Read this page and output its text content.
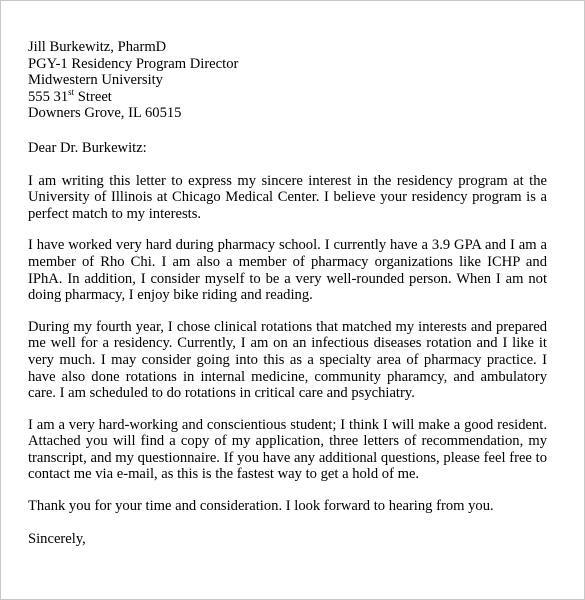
Jill Burkewitz, PharmD
PGY-1 Residency Program Director
Midwestern University
555 31st Street
Downers Grove, IL 60515
Dear Dr. Burkewitz:
I am writing this letter to express my sincere interest in the residency program at the University of Illinois at Chicago Medical Center. I believe your residency program is a perfect match to my interests.
I have worked very hard during pharmacy school. I currently have a 3.9 GPA and I am a member of Rho Chi. I am also a member of pharmacy organizations like ICHP and IPhA. In addition, I consider myself to be a very well-rounded person. When I am not doing pharmacy, I enjoy bike riding and reading.
During my fourth year, I chose clinical rotations that matched my interests and prepared me well for a residency. Currently, I am on an infectious diseases rotation and I like it very much. I may consider going into this as a specialty area of pharmacy practice. I have also done rotations in internal medicine, community pharamcy, and ambulatory care. I am scheduled to do rotations in critical care and psychiatry.
I am a very hard-working and conscientious student; I think I will make a good resident. Attached you will find a copy of my application, three letters of recommendation, my transcript, and my questionnaire. If you have any additional questions, please feel free to contact me via e-mail, as this is the fastest way to get a hold of me.
Thank you for your time and consideration. I look forward to hearing from you.
Sincerely,
